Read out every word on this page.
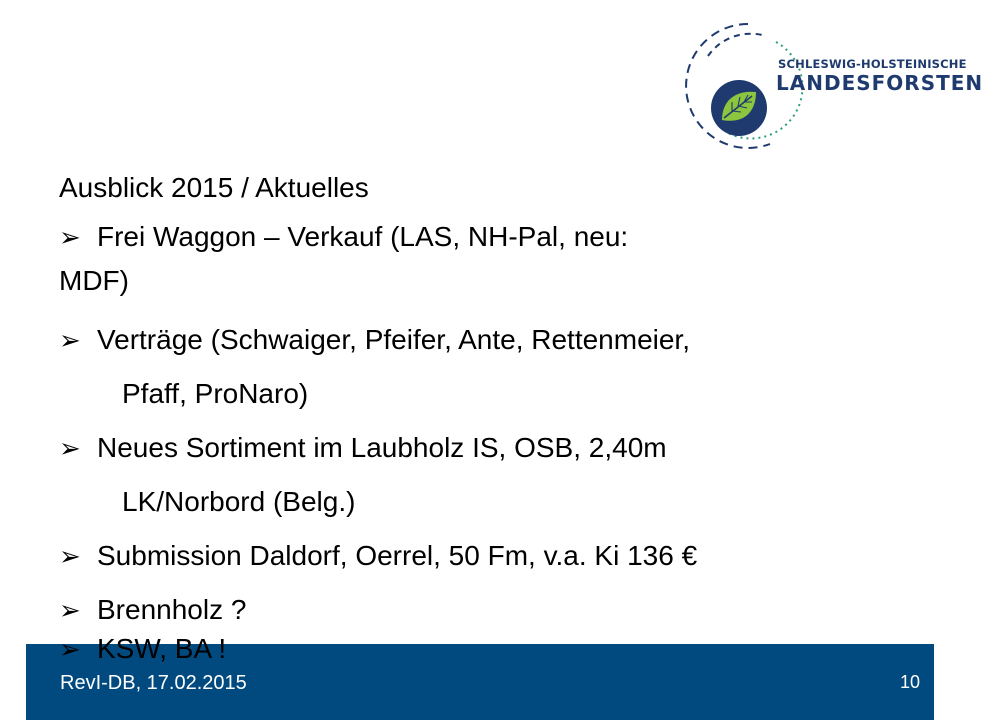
SCHLESWIG-HOLSTEINISCHE
LANDESFORSTEN
Ausblick 2015 / Aktuelles
➢ Frei Waggon – Verkauf (LAS, NH-Pal, neu:
MDF)
➢ Verträge (Schwaiger, Pfeifer, Ante, Rettenmeier,
Pfaff, ProNaro)
➢ Neues Sortiment im Laubholz IS, OSB, 2,40m
LK/Norbord (Belg.)
➢ Submission Daldorf, Oerrel, 50 Fm, v.a. Ki 136 €
➢ Brennholz ?
RevI-DB, 17.02.2015	10
➢ KSW, BA !
